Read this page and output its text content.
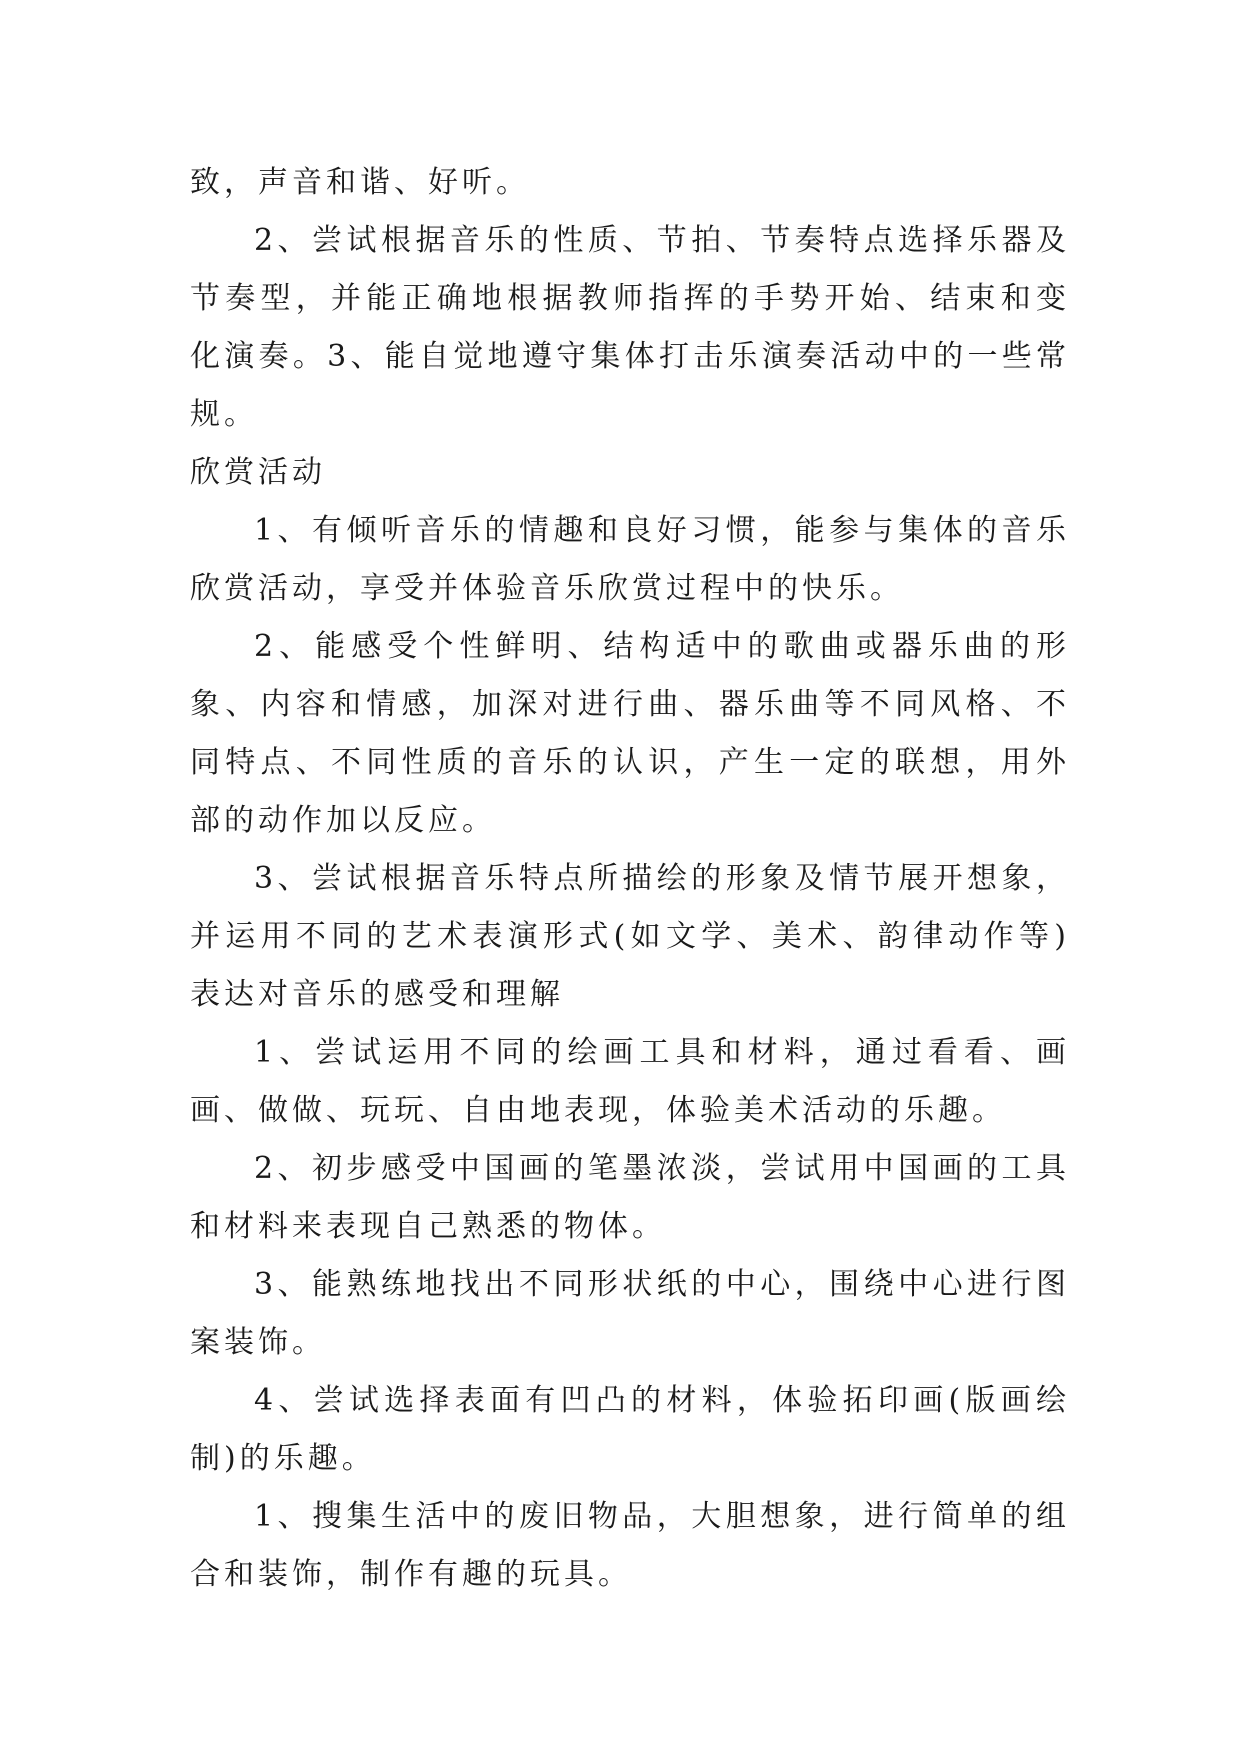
致，声音和谐、好听。

2、尝试根据音乐的性质、节拍、节奏特点选择乐器及节奏型，并能正确地根据教师指挥的手势开始、结束和变化演奏。3、能自觉地遵守集体打击乐演奏活动中的一些常规。

欣赏活动

1、有倾听音乐的情趣和良好习惯，能参与集体的音乐欣赏活动，享受并体验音乐欣赏过程中的快乐。

2、能感受个性鲜明、结构适中的歌曲或器乐曲的形象、内容和情感，加深对进行曲、器乐曲等不同风格、不同特点、不同性质的音乐的认识，产生一定的联想，用外部的动作加以反应。

3、尝试根据音乐特点所描绘的形象及情节展开想象，并运用不同的艺术表演形式(如文学、美术、韵律动作等)表达对音乐的感受和理解

1、尝试运用不同的绘画工具和材料，通过看看、画画、做做、玩玩、自由地表现，体验美术活动的乐趣。

2、初步感受中国画的笔墨浓淡，尝试用中国画的工具和材料来表现自己熟悉的物体。

3、能熟练地找出不同形状纸的中心，围绕中心进行图案装饰。

4、尝试选择表面有凹凸的材料，体验拓印画(版画绘制)的乐趣。

1、搜集生活中的废旧物品，大胆想象，进行简单的组合和装饰，制作有趣的玩具。
